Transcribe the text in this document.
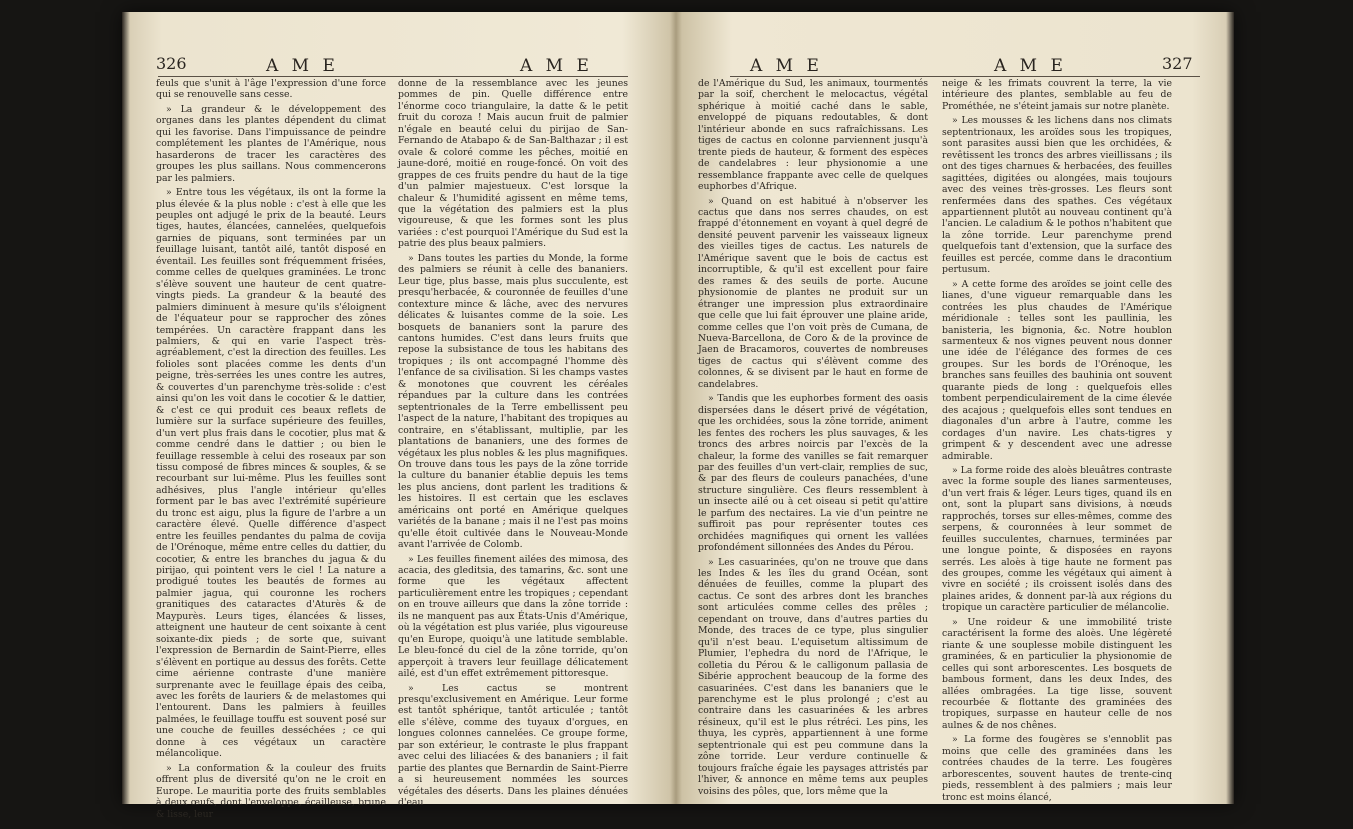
326	A M E	A M E

feuls que s'unit à l'âge l'expression d'une force qui se renouvelle sans cesse.

» La grandeur & le développement des organes dans les plantes dépendent du climat qui les favorise. Dans l'impuissance de peindre complétement les plantes de l'Amérique, nous hasarderons de tracer les caractères des groupes les plus saillans. Nous commencerons par les palmiers.

» Entre tous les végétaux, ils ont la forme la plus élevée & la plus noble : c'est à elle que les peuples ont adjugé le prix de la beauté. Leurs tiges, hautes, élancées, cannelées, quelquefois garnies de piquans, sont terminées par un feuillage luisant, tantôt ailé, tantôt disposé en éventail. Les feuilles sont fréquemment frisées, comme celles de quelques graminées. Le tronc s'élève souvent une hauteur de cent quatre-vingts pieds. La grandeur & la beauté des palmiers diminuent à mesure qu'ils s'éloignent de l'équateur pour se rapprocher des zônes tempérées. Un caractère frappant dans les palmiers, & qui en varie l'aspect très-agréablement, c'est la direction des feuilles. Les folioles sont placées comme les dents d'un peigne, très-serrées les unes contre les autres, & couvertes d'un parenchyme très-solide : c'est ainsi qu'on les voit dans le cocotier & le dattier, & c'est ce qui produit ces beaux reflets de lumière sur la surface supérieure des feuilles, d'un vert plus frais dans le cocotier, plus mat & comme cendré dans le dattier ; ou bien le feuillage ressemble à celui des roseaux par son tissu composé de fibres minces & souples, & se recourbant sur lui-même. Plus les feuilles sont adhésives, plus l'angle intérieur qu'elles forment par le bas avec l'extrémité supérieure du tronc est aigu, plus la figure de l'arbre a un caractère élevé. Quelle différence d'aspect entre les feuilles pendantes du palma de covija de l'Orénoque, même entre celles du dattier, du cocotier, & entre les branches du jagua & du pirijao, qui pointent vers le ciel ! La nature a prodigué toutes les beautés de formes au palmier jagua, qui couronne les rochers granitiques des cataractes d'Aturès & de Maypurès. Leurs tiges, élancées & lisses, atteignent une hauteur de cent soixante à cent soixante-dix pieds ; de sorte que, suivant l'expression de Bernardin de Saint-Pierre, elles s'élèvent en portique au dessus des forêts. Cette cime aérienne contraste d'une manière surprenante avec le feuillage épais des ceiba, avec les forêts de lauriers & de melastomes qui l'entourent. Dans les palmiers à feuilles palmées, le feuillage touffu est souvent posé sur une couche de feuilles desséchées ; ce qui donne à ces végétaux un caractère mélancolique.

» La conformation & la couleur des fruits offrent plus de diversité qu'on ne le croit en Europe. Le mauritia porte des fruits semblables à deux œufs, dont l'enveloppe, écailleuse, brune & lisse, leur

donne de la ressemblance avec les jeunes pommes de pin. Quelle différence entre l'énorme coco triangulaire, la datte & le petit fruit du coroza ! Mais aucun fruit de palmier n'égale en beauté celui du pirijao de San-Fernando de Atabapo & de San-Balthazar ; il est ovale & coloré comme les pêches, moitié en jaune-doré, moitié en rouge-foncé. On voit des grappes de ces fruits pendre du haut de la tige d'un palmier majestueux. C'est lorsque la chaleur & l'humidité agissent en même tems, que la végétation des palmiers est la plus vigoureuse, & que les formes sont les plus variées : c'est pourquoi l'Amérique du Sud est la patrie des plus beaux palmiers.

» Dans toutes les parties du Monde, la forme des palmiers se réunit à celle des bananiers. Leur tige, plus basse, mais plus succulente, est presqu'herbacée, & couronnée de feuilles d'une contexture mince & lâche, avec des nervures délicates & luisantes comme de la soie. Les bosquets de bananiers sont la parure des cantons humides. C'est dans leurs fruits que repose la subsistance de tous les habitans des tropiques ; ils ont accompagné l'homme dès l'enfance de sa civilisation. Si les champs vastes & monotones que couvrent les céréales répandues par la culture dans les contrées septentrionales de la Terre embellissent peu l'aspect de la nature, l'habitant des tropiques au contraire, en s'établissant, multiplie, par les plantations de bananiers, une des formes de végétaux les plus nobles & les plus magnifiques. On trouve dans tous les pays de la zône torride la culture du bananier établie depuis les tems les plus anciens, dont parlent les traditions & les histoires. Il est certain que les esclaves américains ont porté en Amérique quelques variétés de la banane ; mais il ne l'est pas moins qu'elle étoit cultivée dans le Nouveau-Monde avant l'arrivée de Colomb.

» Les feuilles finement ailées des mimosa, des acacia, des gleditsia, des tamarins, &c. sont une forme que les végétaux affectent particulièrement entre les tropiques ; cependant on en trouve ailleurs que dans la zône torride : ils ne manquent pas aux États-Unis d'Amérique, où la végétation est plus variée, plus vigoureuse qu'en Europe, quoiqu'à une latitude semblable. Le bleu-foncé du ciel de la zône torride, qu'on apperçoit à travers leur feuillage délicatement ailé, est d'un effet extrêmement pittoresque.

» Les cactus se montrent presqu'exclusivement en Amérique. Leur forme est tantôt sphérique, tantôt articulée ; tantôt elle s'élève, comme des tuyaux d'orgues, en longues colonnes cannelées. Ce groupe forme, par son extérieur, le contraste le plus frappant avec celui des liliacées & des bananiers ; il fait partie des plantes que Bernardin de Saint-Pierre a si heureusement nommées les sources végétales des déserts. Dans les plaines dénuées d'eau

A M E	A M E	327

de l'Amérique du Sud, les animaux, tourmentés par la soif, cherchent le melocactus, végétal sphérique à moitié caché dans le sable, enveloppé de piquans redoutables, & dont l'intérieur abonde en sucs rafraîchissans. Les tiges de cactus en colonne parviennent jusqu'à trente pieds de hauteur, & forment des espèces de candelabres : leur physionomie a une ressemblance frappante avec celle de quelques euphorbes d'Afrique.

» Quand on est habitué à n'observer les cactus que dans nos serres chaudes, on est frappé d'étonnement en voyant à quel degré de densité peuvent parvenir les vaisseaux ligneux des vieilles tiges de cactus. Les naturels de l'Amérique savent que le bois de cactus est incorruptible, & qu'il est excellent pour faire des rames & des seuils de porte. Aucune physionomie de plantes ne produit sur un étranger une impression plus extraordinaire que celle que lui fait éprouver une plaine aride, comme celles que l'on voit près de Cumana, de Nueva-Barcellona, de Coro & de la province de Jaen de Bracamoros, couvertes de nombreuses tiges de cactus qui s'élèvent comme des colonnes, & se divisent par le haut en forme de candelabres.

» Tandis que les euphorbes forment des oasis dispersées dans le désert privé de végétation, que les orchidées, sous la zône torride, animent les fentes des rochers les plus sauvages, & les troncs des arbres noircis par l'excès de la chaleur, la forme des vanilles se fait remarquer par des feuilles d'un vert-clair, remplies de suc, & par des fleurs de couleurs panachées, d'une structure singulière. Ces fleurs ressemblent à un insecte ailé ou à cet oiseau si petit qu'attire le parfum des nectaires. La vie d'un peintre ne suffiroit pas pour représenter toutes ces orchidées magnifiques qui ornent les vallées profondément sillonnées des Andes du Pérou.

» Les casuarinées, qu'on ne trouve que dans les Indes & les îles du grand Océan, sont dénuées de feuilles, comme la plupart des cactus. Ce sont des arbres dont les branches sont articulées comme celles des prêles ; cependant on trouve, dans d'autres parties du Monde, des traces de ce type, plus singulier qu'il n'est beau. L'equisetum altissimum de Plumier, l'ephedra du nord de l'Afrique, le colletia du Pérou & le calligonum pallasia de Sibérie approchent beaucoup de la forme des casuarinées. C'est dans les bananiers que le parenchyme est le plus prolongé ; c'est au contraire dans les casuarinées & les arbres résineux, qu'il est le plus rétréci. Les pins, les thuya, les cyprès, appartiennent à une forme septentrionale qui est peu commune dans la zône torride. Leur verdure continuelle & toujours fraîche égaie les paysages attristés par l'hiver, & annonce en même tems aux peuples voisins des pôles, que, lors même que la

neige & les frimats couvrent la terre, la vie intérieure des plantes, semblable au feu de Prométhée, ne s'éteint jamais sur notre planète.

» Les mousses & les lichens dans nos climats septentrionaux, les aroïdes sous les tropiques, sont parasites aussi bien que les orchidées, & revêtissent les troncs des arbres vieillissans ; ils ont des tiges charnues & herbacées, des feuilles sagittées, digitées ou alongées, mais toujours avec des veines très-grosses. Les fleurs sont renfermées dans des spathes. Ces végétaux appartiennent plutôt au nouveau continent qu'à l'ancien. Le caladium & le pothos n'habitent que la zône torride. Leur parenchyme prend quelquefois tant d'extension, que la surface des feuilles est percée, comme dans le dracontium pertusum.

» A cette forme des aroïdes se joint celle des lianes, d'une vigueur remarquable dans les contrées les plus chaudes de l'Amérique méridionale : telles sont les paullinia, les banisteria, les bignonia, &c. Notre houblon sarmenteux & nos vignes peuvent nous donner une idée de l'élégance des formes de ces groupes. Sur les bords de l'Orénoque, les branches sans feuilles des bauhinia ont souvent quarante pieds de long : quelquefois elles tombent perpendiculairement de la cime élevée des acajous ; quelquefois elles sont tendues en diagonales d'un arbre à l'autre, comme les cordages d'un navire. Les chats-tigres y grimpent & y descendent avec une adresse admirable.

» La forme roide des aloès bleuâtres contraste avec la forme souple des lianes sarmenteuses, d'un vert frais & léger. Leurs tiges, quand ils en ont, sont la plupart sans divisions, à nœuds rapprochés, torses sur elles-mêmes, comme des serpens, & couronnées à leur sommet de feuilles succulentes, charnues, terminées par une longue pointe, & disposées en rayons serrés. Les aloès à tige haute ne forment pas des groupes, comme les végétaux qui aiment à vivre en société ; ils croissent isolés dans des plaines arides, & donnent par-là aux régions du tropique un caractère particulier de mélancolie.

» Une roideur & une immobilité triste caractérisent la forme des aloès. Une légèreté riante & une souplesse mobile distinguent les graminées, & en particulier la physionomie de celles qui sont arborescentes. Les bosquets de bambous forment, dans les deux Indes, des allées ombragées. La tige lisse, souvent recourbée & flottante des graminées des tropiques, surpasse en hauteur celle de nos aulnes & de nos chênes.

» La forme des fougères se s'ennoblit pas moins que celle des graminées dans les contrées chaudes de la terre. Les fougères arborescentes, souvent hautes de trente-cinq pieds, ressemblent à des palmiers ; mais leur tronc est moins élancé,
